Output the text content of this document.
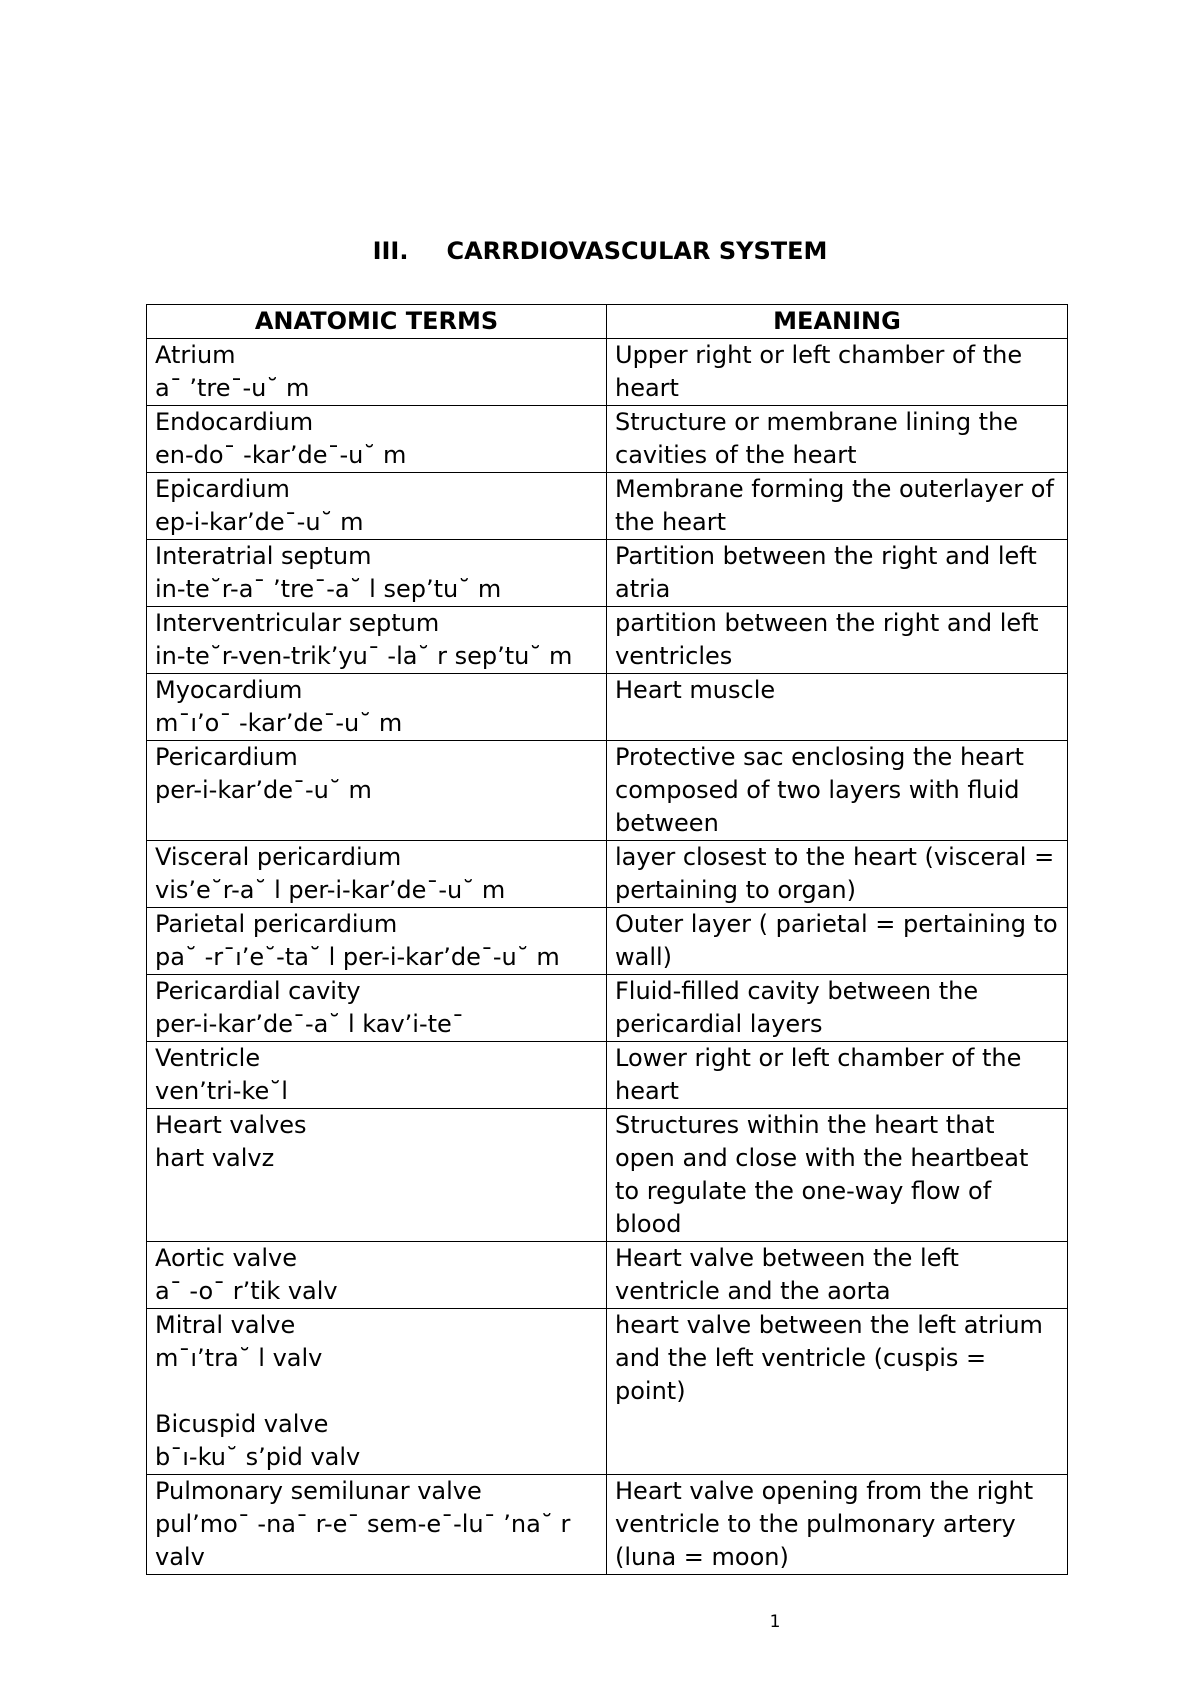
III. CARRDIOVASCULAR SYSTEM
ANATOMIC TERMS	MEANING

Atrium
a¯ ’tre¯-u˘ m	Upper right or left chamber of the heart

Endocardium
en-do¯ -kar’de¯-u˘ m	Structure or membrane lining the cavities of the heart

Epicardium
ep-i-kar’de¯-u˘ m	Membrane forming the outerlayer of the heart

Interatrial septum
in-te˘r-a¯ ’tre¯-a˘ l sep’tu˘ m	Partition between the right and left atria

Interventricular septum
in-te˘r-ven-trik’yu¯ -la˘ r sep’tu˘ m	partition between the right and left ventricles

Myocardium
m¯ı’o¯ -kar’de¯-u˘ m	Heart muscle

Pericardium
per-i-kar’de¯-u˘ m	Protective sac enclosing the heart composed of two layers with fluid between

Visceral pericardium
vis’e˘r-a˘ l per-i-kar’de¯-u˘ m	layer closest to the heart (visceral = pertaining to organ)

Parietal pericardium
pa˘ -r¯ı’e˘-ta˘ l per-i-kar’de¯-u˘ m	Outer layer ( parietal = pertaining to wall)

Pericardial cavity
per-i-kar’de¯-a˘ l kav’i-te¯	Fluid-filled cavity between the pericardial layers

Ventricle
ven’tri-ke˘l	Lower right or left chamber of the heart

Heart valves
hart valvz	Structures within the heart that open and close with the heartbeat to regulate the one-way flow of blood

Aortic valve
a¯ -o¯ r’tik valv	Heart valve between the left ventricle and the aorta

Mitral valve
m¯ı’tra˘ l valv
Bicuspid valve
b¯ı-ku˘ s’pid valv	heart valve between the left atrium and the left ventricle (cuspis = point)

Pulmonary semilunar valve
pul’mo¯ -na¯ r-e¯ sem-e¯-lu¯ ’na˘ r valv	Heart valve opening from the right ventricle to the pulmonary artery (luna = moon)
1
